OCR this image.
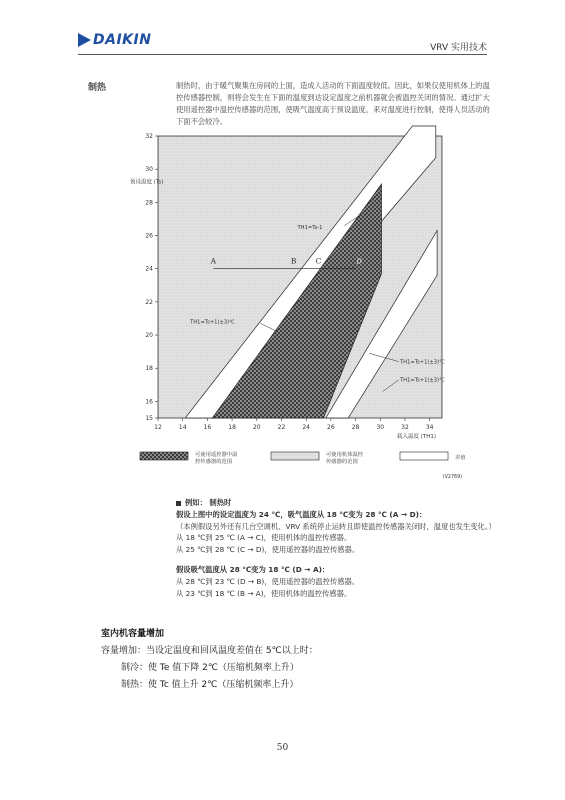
DAIKIN	VRV 实用技术
制热	制热时，由于暖气聚集在房间的上面，造成人活动的下面温度较低。因此，如果仅使用机体上的温控传感器控制，则将会发生在下面的温度到达设定温度之前机器就会被温控关闭的情况。通过扩大使用遥控器中温控传感器的范围，使吸气温度高于预设温度，来对温度进行控制，使得人员活动的下面不会较冷。
12	14	16	18	20	22	24	26	28	30	32	34
15
16
18
20
22
24
26
28
30
32
载入温度 (TH1)
预设温度 (Ts)
A	B	C	D
TH1=Ts-1
TH1=Ts+1(±3)℃
TH1=Ts+1(±3)℃
TH1=Ts+1(±3)℃
可使用遥控器中温
控传感器的范围
可使用机体温控
传感器的范围
差值
(V2769)

例如： 制热时

假设上图中的设定温度为 24 ℃，吸气温度从 18 ℃变为 28 ℃ (A → D)：

（本例假设另外还有几台空调机、VRV 系统停止运转且即使温控传感器关闭时，温度也发生变化。）

从 18 ℃到 25 ℃ (A → C)，使用机体的温控传感器。

从 25 ℃到 28 ℃ (C → D)，使用遥控器的温控传感器。

假设吸气温度从 28 ℃变为 18 ℃ (D → A)：

从 28 ℃到 23 ℃ (D → B)，使用遥控器的温控传感器。

从 23 ℃到 18 ℃ (B → A)，使用机体的温控传感器。

室内机容量增加

容量增加：当设定温度和回风温度差值在 5℃以上时：

制冷：使 Te 值下降 2℃（压缩机频率上升）

制热：使 Tc 值上升 2℃（压缩机频率上升）

50
